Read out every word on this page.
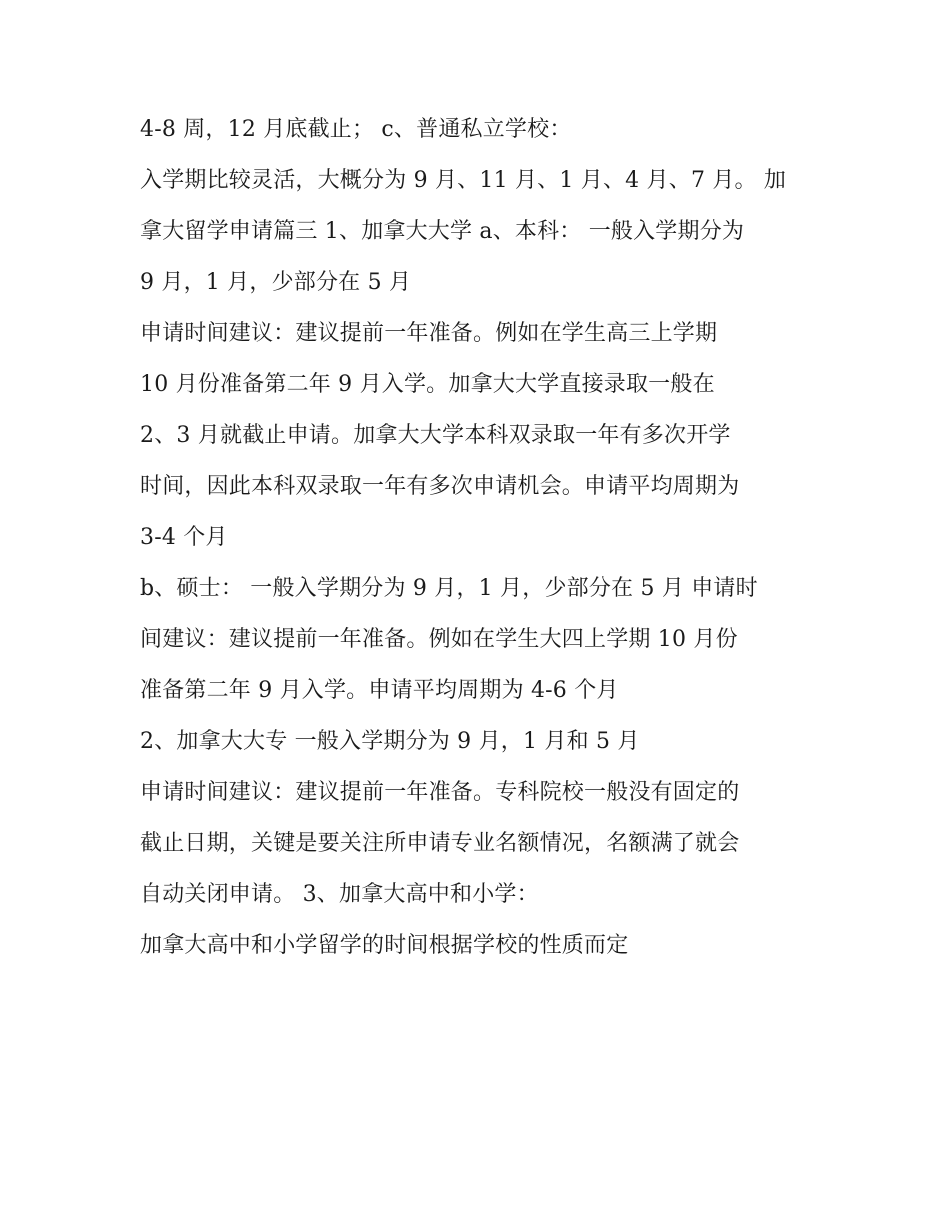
4-8 周，12 月底截止； c、普通私立学校：
入学期比较灵活，大概分为 9 月、11 月、1 月、4 月、7 月。 加
拿大留学申请篇三 1、加拿大大学 a、本科： 一般入学期分为
9 月，1 月，少部分在 5 月
申请时间建议：建议提前一年准备。例如在学生高三上学期
10 月份准备第二年 9 月入学。加拿大大学直接录取一般在
2、3 月就截止申请。加拿大大学本科双录取一年有多次开学
时间，因此本科双录取一年有多次申请机会。申请平均周期为
3-4 个月
b、硕士： 一般入学期分为 9 月，1 月，少部分在 5 月 申请时
间建议：建议提前一年准备。例如在学生大四上学期 10 月份
准备第二年 9 月入学。申请平均周期为 4-6 个月
2、加拿大大专 一般入学期分为 9 月，1 月和 5 月
申请时间建议：建议提前一年准备。专科院校一般没有固定的
截止日期，关键是要关注所申请专业名额情况，名额满了就会
自动关闭申请。 3、加拿大高中和小学：
加拿大高中和小学留学的时间根据学校的性质而定
